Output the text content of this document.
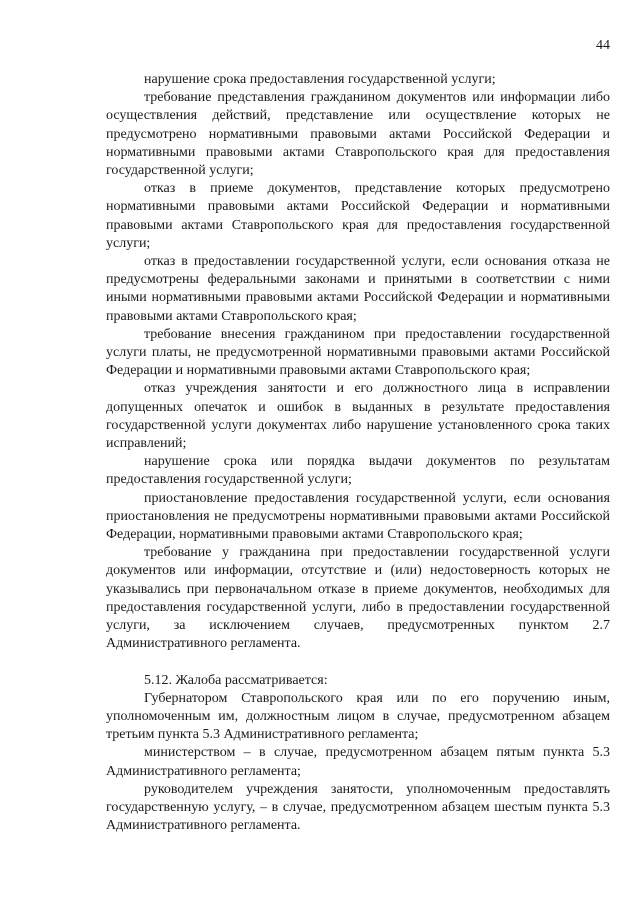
44

нарушение срока предоставления государственной услуги;

требование представления гражданином документов или информации либо осуществления действий, представление или осуществление которых не предусмотрено нормативными правовыми актами Российской Федерации и нормативными правовыми актами Ставропольского края для предоставления государственной услуги;

отказ в приеме документов, представление которых предусмотрено нормативными правовыми актами Российской Федерации и нормативными правовыми актами Ставропольского края для предоставления государственной услуги;

отказ в предоставлении государственной услуги, если основания отказа не предусмотрены федеральными законами и принятыми в соответствии с ними иными нормативными правовыми актами Российской Федерации и нормативными правовыми актами Ставропольского края;

требование внесения гражданином при предоставлении государственной услуги платы, не предусмотренной нормативными правовыми актами Российской Федерации и нормативными правовыми актами Ставропольского края;

отказ учреждения занятости и его должностного лица в исправлении допущенных опечаток и ошибок в выданных в результате предоставления государственной услуги документах либо нарушение установленного срока таких исправлений;

нарушение срока или порядка выдачи документов по результатам предоставления государственной услуги;

приостановление предоставления государственной услуги, если основания приостановления не предусмотрены нормативными правовыми актами Российской Федерации, нормативными правовыми актами Ставропольского края;

требование у гражданина при предоставлении государственной услуги документов или информации, отсутствие и (или) недостоверность которых не указывались при первоначальном отказе в приеме документов, необходимых для предоставления государственной услуги, либо в предоставлении государственной услуги, за исключением случаев, предусмотренных пунктом 2.7 Административного регламента.

5.12. Жалоба рассматривается:

Губернатором Ставропольского края или по его поручению иным, уполномоченным им, должностным лицом в случае, предусмотренном абзацем третьим пункта 5.3 Административного регламента;

министерством – в случае, предусмотренном абзацем пятым пункта 5.3 Административного регламента;

руководителем учреждения занятости, уполномоченным предоставлять государственную услугу, – в случае, предусмотренном абзацем шестым пункта 5.3 Административного регламента.
